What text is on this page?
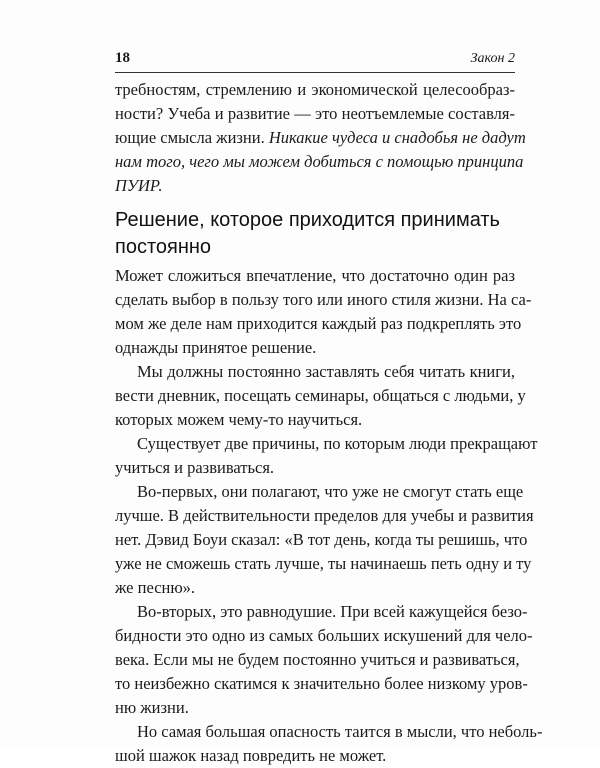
18	Закон 2
требностям, стремлению и экономической целесообраз-
ности? Учеба и развитие — это неотъемлемые составля-
ющие смысла жизни. Никакие чудеса и снадобья не дадут
нам того, чего мы можем добиться с помощью принципа
ПУИР.
Решение, которое приходится принимать
постоянно
Может сложиться впечатление, что достаточно один раз
сделать выбор в пользу того или иного стиля жизни. На са-
мом же деле нам приходится каждый раз подкреплять это
однажды принятое решение.
Мы должны постоянно заставлять себя читать книги,
вести дневник, посещать семинары, общаться с людьми, у
которых можем чему-то научиться.
Существует две причины, по которым люди прекращают
учиться и развиваться.
Во-первых, они полагают, что уже не смогут стать еще
лучше. В действительности пределов для учебы и развития
нет. Дэвид Боуи сказал: «В тот день, когда ты решишь, что
уже не сможешь стать лучше, ты начинаешь петь одну и ту
же песню».
Во-вторых, это равнодушие. При всей кажущейся безо-
бидности это одно из самых больших искушений для чело-
века. Если мы не будем постоянно учиться и развиваться,
то неизбежно скатимся к значительно более низкому уров-
ню жизни.
Но самая большая опасность таится в мысли, что неболь-
шой шажок назад повредить не может.
